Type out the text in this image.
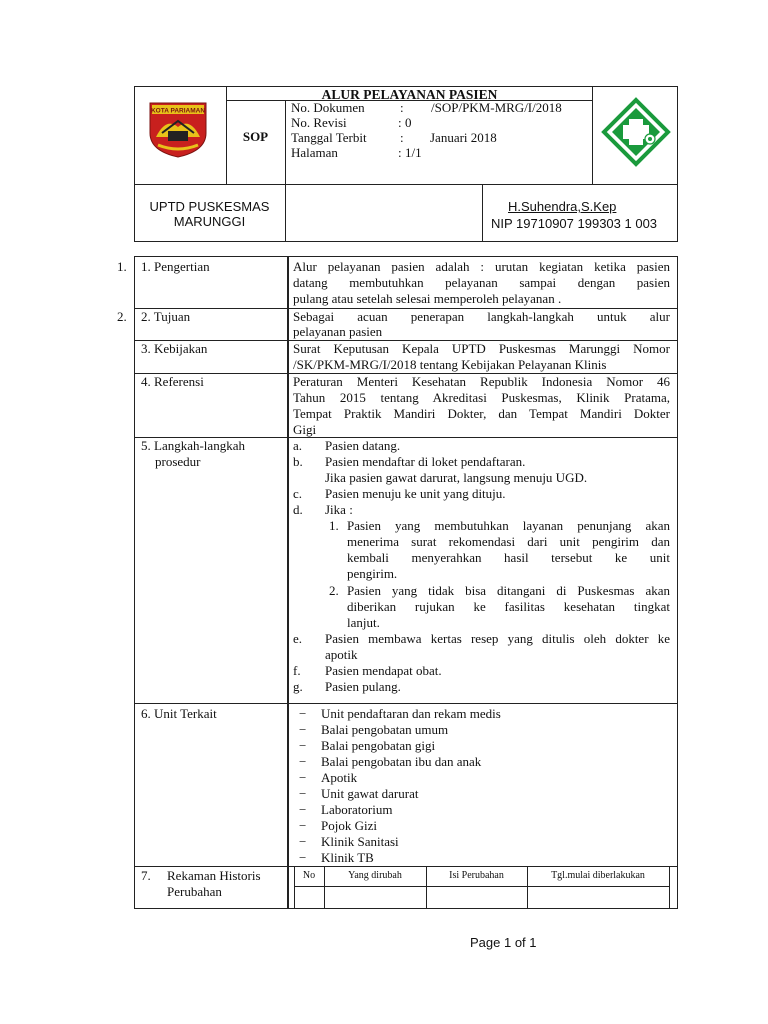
KOTA PARIAMAN
ALUR PELAYANAN PASIEN
SOP
No. Dokumen	: /SOP/PKM-MRG/I/2018
No. Revisi	: 0
Tanggal Terbit	: Januari 2018
Halaman	: 1/1
UPTD PUSKESMAS
MARUNGGI
H.Suhendra,S.Kep
NIP 19710907 199303 1 003
1. 1. Pengertian	Alur pelayanan pasien adalah : urutan kegiatan ketika pasien
datang membutuhkan pelayanan sampai dengan pasien
pulang atau setelah selesai memperoleh pelayanan .
2. 2. Tujuan	Sebagai acuan penerapan langkah-langkah untuk alur
pelayanan pasien
3. Kebijakan	Surat Keputusan Kepala UPTD Puskesmas Marunggi Nomor
/SK/PKM-MRG/I/2018 tentang Kebijakan Pelayanan Klinis
4. Referensi	Peraturan Menteri Kesehatan Republik Indonesia Nomor 46
Tahun 2015 tentang Akreditasi Puskesmas, Klinik Pratama,
Tempat Praktik Mandiri Dokter, dan Tempat Mandiri Dokter
Gigi
5. Langkah-langkah
prosedur
a. Pasien datang.
b. Pasien mendaftar di loket pendaftaran.
Jika pasien gawat darurat, langsung menuju UGD.
c. Pasien menuju ke unit yang dituju.
d. Jika :
1. Pasien yang membutuhkan layanan penunjang akan
menerima surat rekomendasi dari unit pengirim dan
kembali menyerahkan hasil tersebut ke unit
pengirim.
2. Pasien yang tidak bisa ditangani di Puskesmas akan
diberikan rujukan ke fasilitas kesehatan tingkat
lanjut.
e. Pasien membawa kertas resep yang ditulis oleh dokter ke
apotik
f. Pasien mendapat obat.
g. Pasien pulang.
6. Unit Terkait	− Unit pendaftaran dan rekam medis
− Balai pengobatan umum
− Balai pengobatan gigi
− Balai pengobatan ibu dan anak
− Apotik
− Unit gawat darurat
− Laboratorium
− Pojok Gizi
− Klinik Sanitasi
− Klinik TB
7. Rekaman Historis
Perubahan
No	Yang dirubah	Isi Perubahan	Tgl.mulai diberlakukan
Page 1 of 1
